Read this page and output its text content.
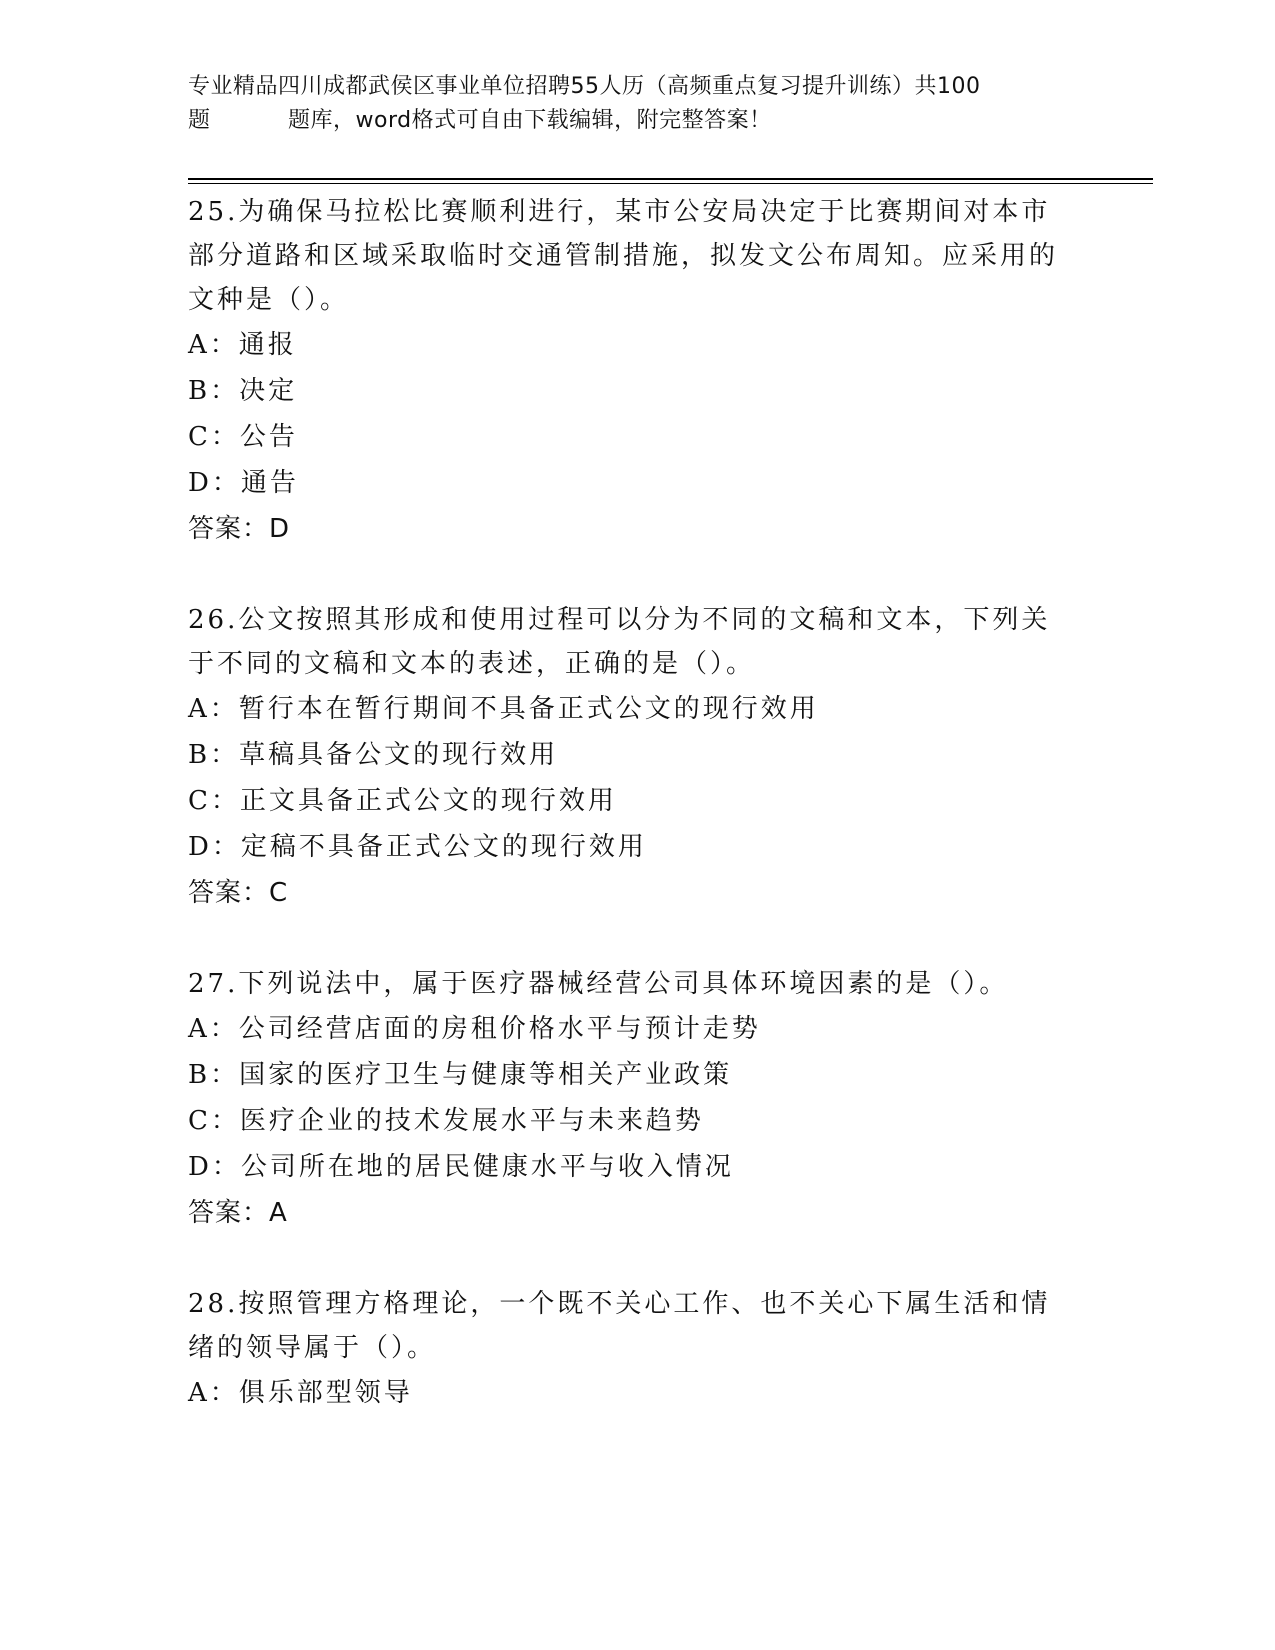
专业精品四川成都武侯区事业单位招聘55人历（高频重点复习提升训练）共100
题	题库，word格式可自由下载编辑，附完整答案！
25.为确保马拉松比赛顺利进行，某市公安局决定于比赛期间对本市部分道路和区域采取临时交通管制措施，拟发文公布周知。应采用的文种是（）。
A：通报
B：决定
C：公告
D：通告
答案：D
26.公文按照其形成和使用过程可以分为不同的文稿和文本，下列关于不同的文稿和文本的表述，正确的是（）。
A：暂行本在暂行期间不具备正式公文的现行效用
B：草稿具备公文的现行效用
C：正文具备正式公文的现行效用
D：定稿不具备正式公文的现行效用
答案：C
27.下列说法中，属于医疗器械经营公司具体环境因素的是（）。
A：公司经营店面的房租价格水平与预计走势
B：国家的医疗卫生与健康等相关产业政策
C：医疗企业的技术发展水平与未来趋势
D：公司所在地的居民健康水平与收入情况
答案：A
28.按照管理方格理论，一个既不关心工作、也不关心下属生活和情绪的领导属于（）。
A：俱乐部型领导
